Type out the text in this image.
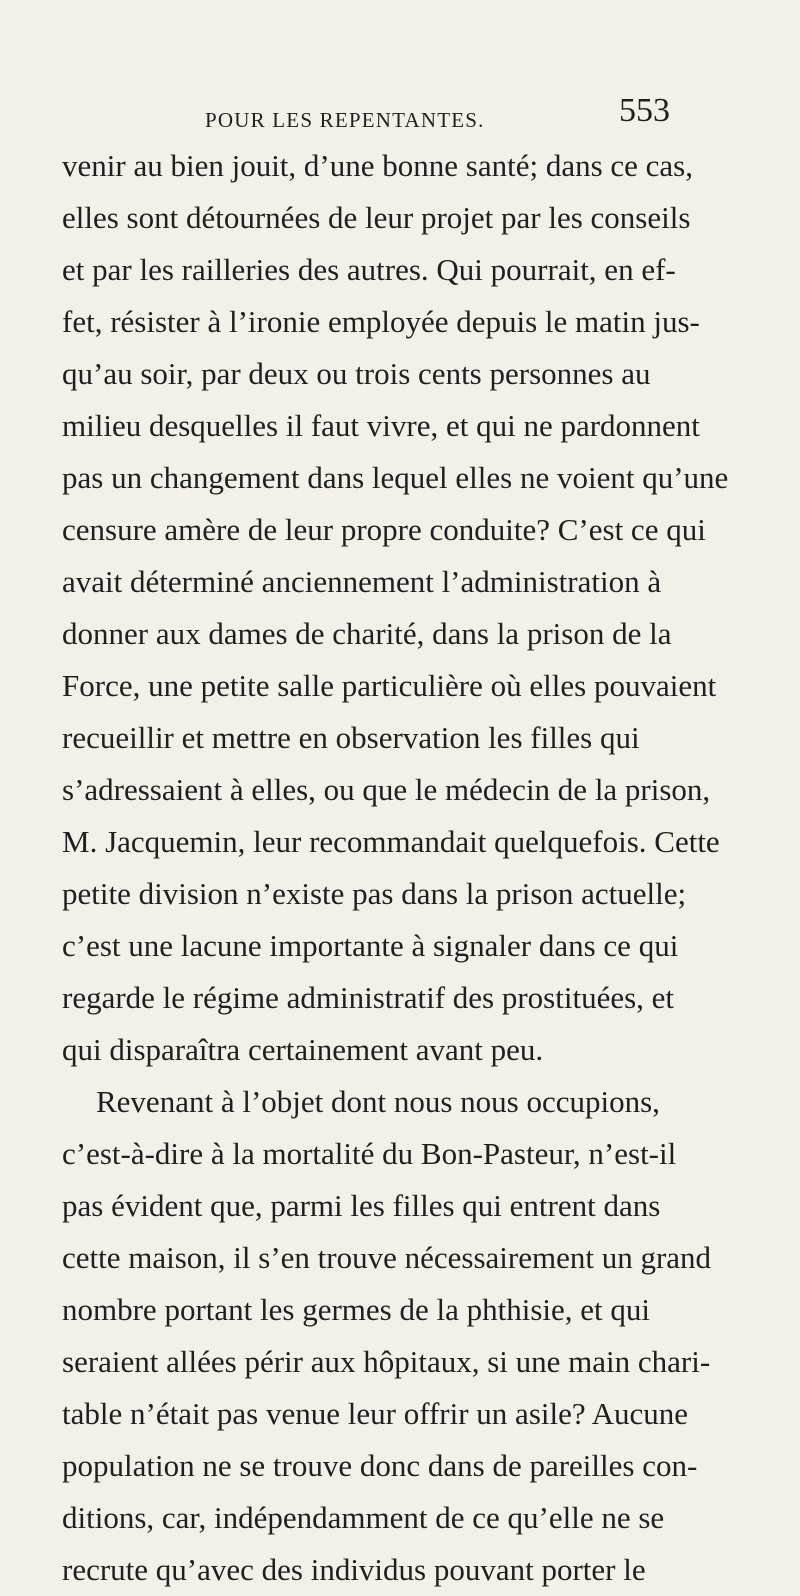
POUR LES REPENTANTES.	553
venir au bien jouit, d’une bonne santé; dans ce cas,
elles sont détournées de leur projet par les conseils
et par les railleries des autres. Qui pourrait, en ef-
fet, résister à l’ironie employée depuis le matin jus-
qu’au soir, par deux ou trois cents personnes au
milieu desquelles il faut vivre, et qui ne pardonnent
pas un changement dans lequel elles ne voient qu’une
censure amère de leur propre conduite? C’est ce qui
avait déterminé anciennement l’administration à
donner aux dames de charité, dans la prison de la
Force, une petite salle particulière où elles pouvaient
recueillir et mettre en observation les filles qui
s’adressaient à elles, ou que le médecin de la prison,
M. Jacquemin, leur recommandait quelquefois. Cette
petite division n’existe pas dans la prison actuelle;
c’est une lacune importante à signaler dans ce qui
regarde le régime administratif des prostituées, et
qui disparaîtra certainement avant peu.
Revenant à l’objet dont nous nous occupions,
c’est-à-dire à la mortalité du Bon-Pasteur, n’est-il
pas évident que, parmi les filles qui entrent dans
cette maison, il s’en trouve nécessairement un grand
nombre portant les germes de la phthisie, et qui
seraient allées périr aux hôpitaux, si une main chari-
table n’était pas venue leur offrir un asile? Aucune
population ne se trouve donc dans de pareilles con-
ditions, car, indépendamment de ce qu’elle ne se
recrute qu’avec des individus pouvant porter le
